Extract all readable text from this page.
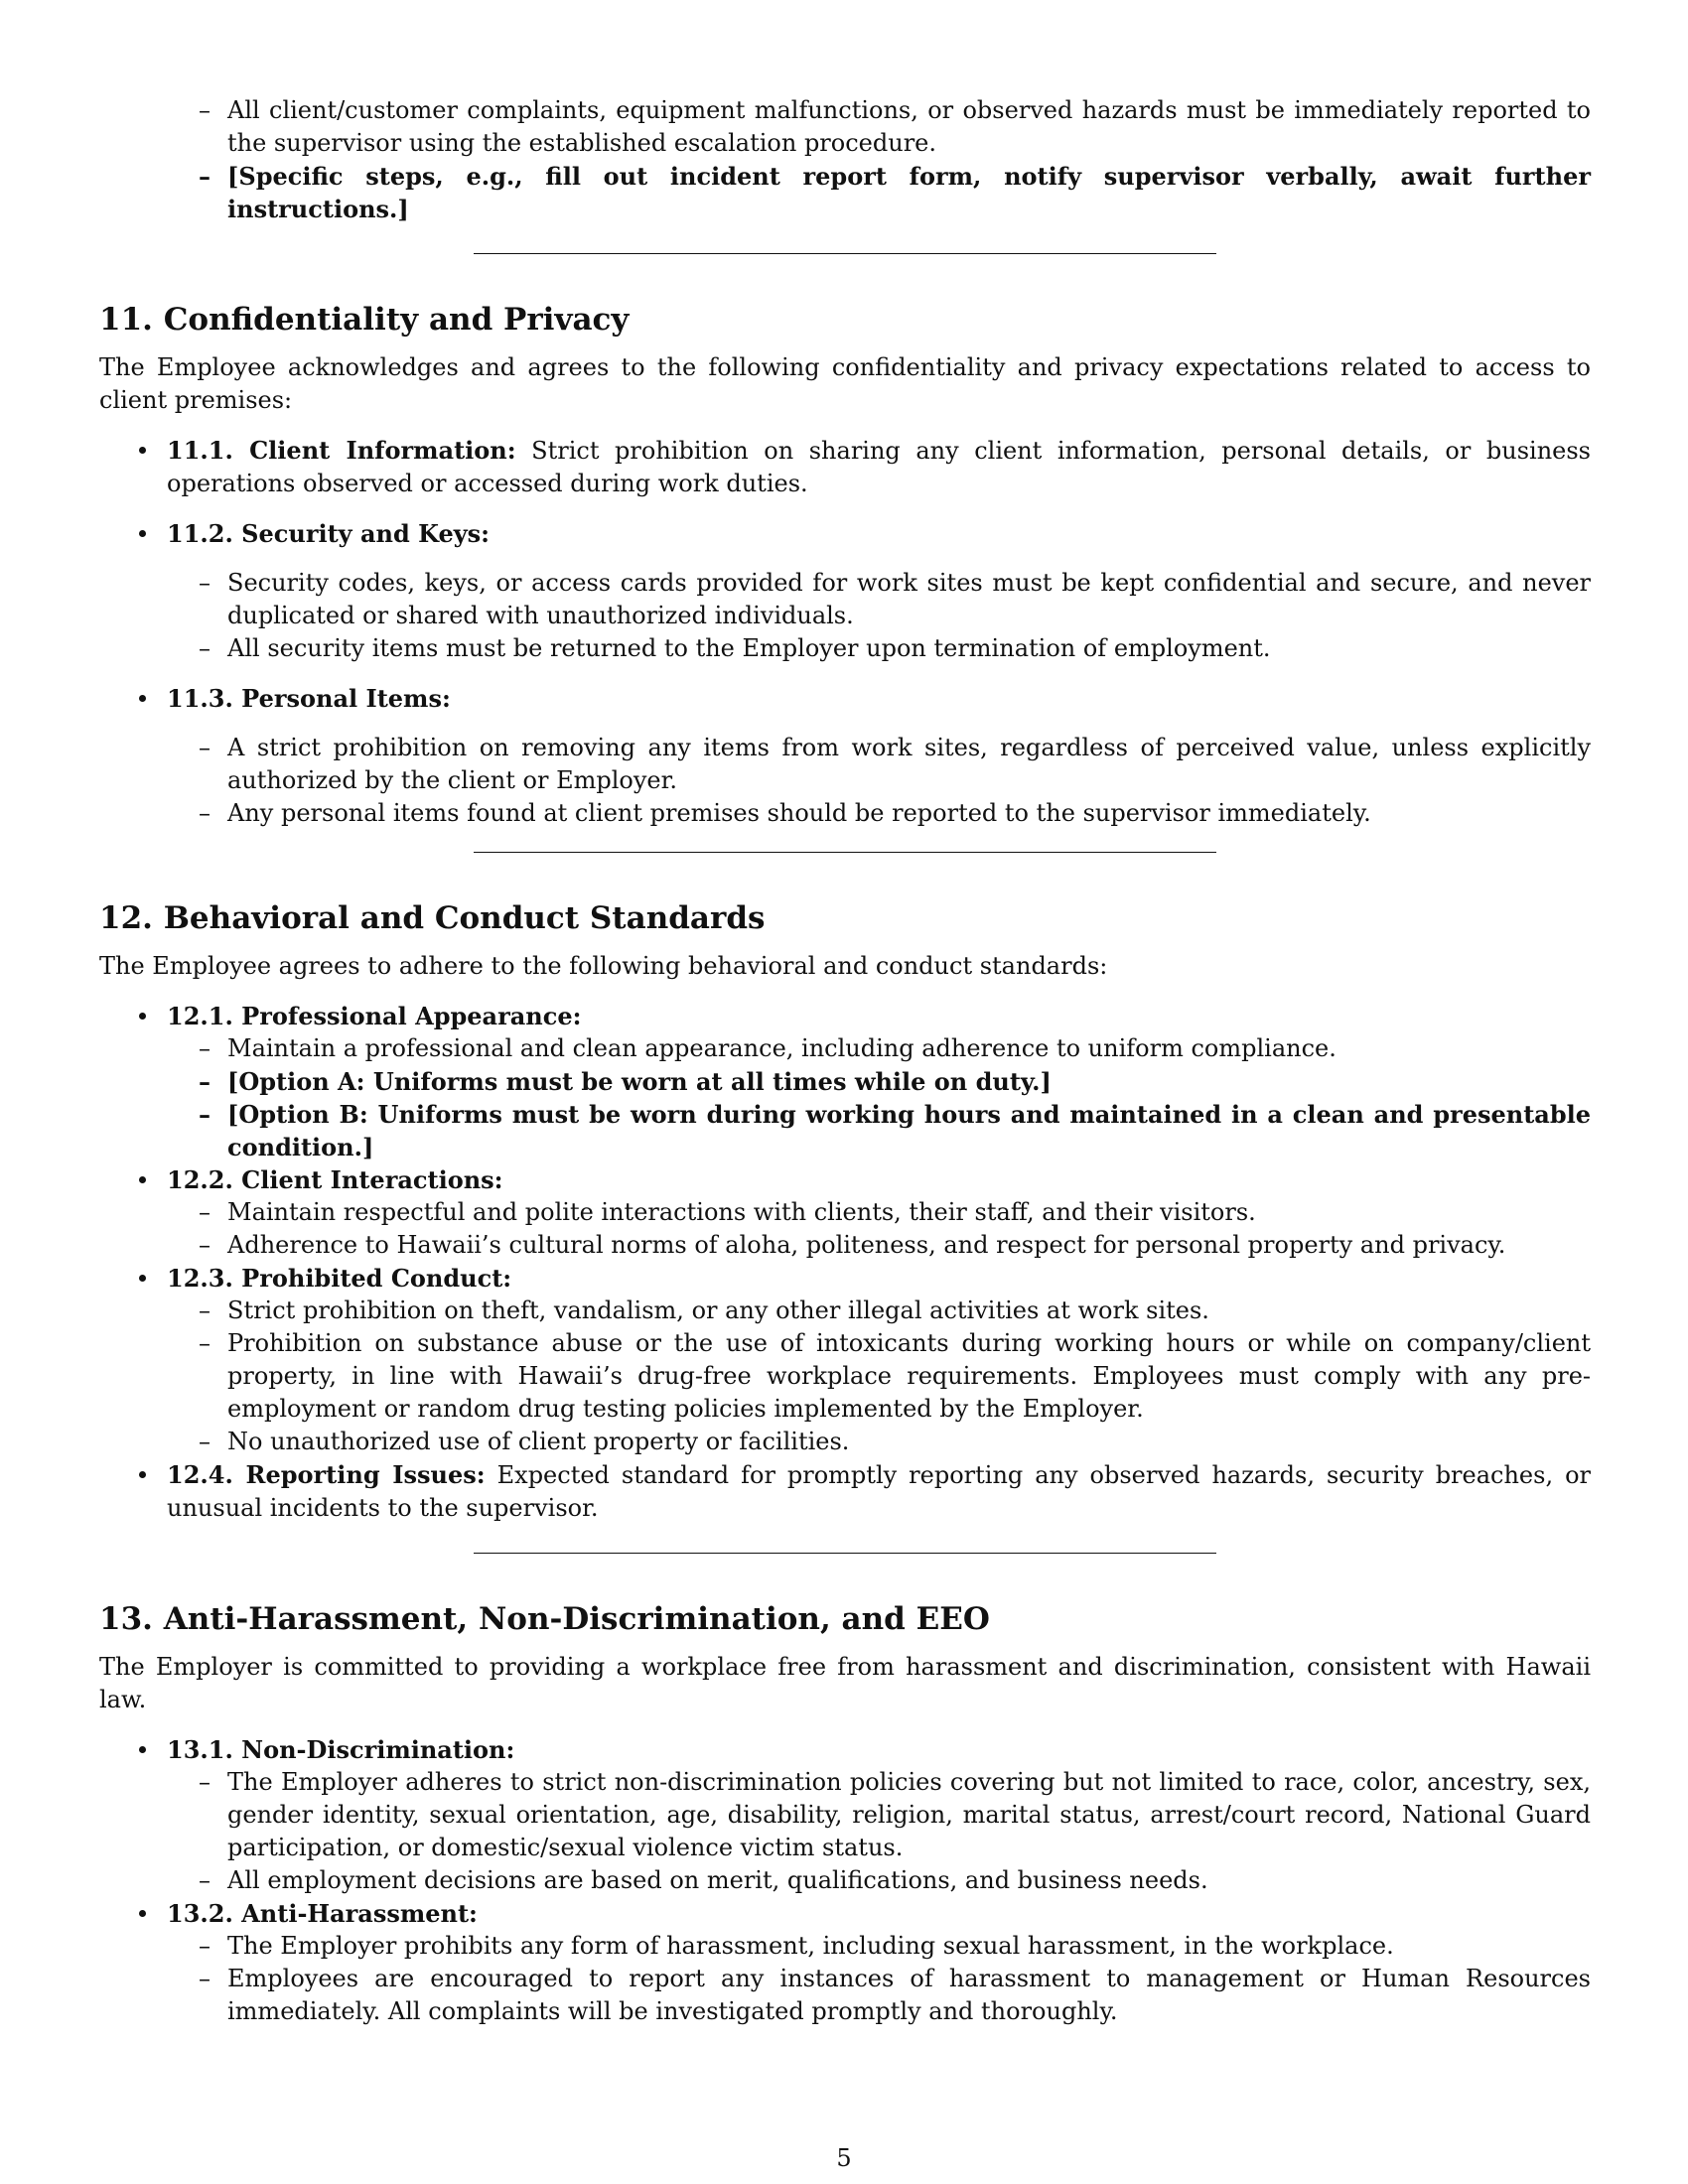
– All client/customer complaints, equipment malfunctions, or observed hazards must be immediately reported to the supervisor using the established escalation procedure.
– [Specific steps, e.g., fill out incident report form, notify supervisor verbally, await further instructions.]
11. Confidentiality and Privacy

The Employee acknowledges and agrees to the following confidentiality and privacy expectations related to access to client premises:

11.1. Client Information: Strict prohibition on sharing any client information, personal details, or business operations observed or accessed during work duties.
11.2. Security and Keys:
– Security codes, keys, or access cards provided for work sites must be kept confidential and secure, and never duplicated or shared with unauthorized individuals.
– All security items must be returned to the Employer upon termination of employment.
11.3. Personal Items:
– A strict prohibition on removing any items from work sites, regardless of perceived value, unless explicitly authorized by the client or Employer.
– Any personal items found at client premises should be reported to the supervisor immediately.
12. Behavioral and Conduct Standards

The Employee agrees to adhere to the following behavioral and conduct standards:

12.1. Professional Appearance:
– Maintain a professional and clean appearance, including adherence to uniform compliance.
– [Option A: Uniforms must be worn at all times while on duty.]
– [Option B: Uniforms must be worn during working hours and maintained in a clean and presentable condition.]
12.2. Client Interactions:
– Maintain respectful and polite interactions with clients, their staff, and their visitors.
– Adherence to Hawaii’s cultural norms of aloha, politeness, and respect for personal property and privacy.
12.3. Prohibited Conduct:
– Strict prohibition on theft, vandalism, or any other illegal activities at work sites.
– Prohibition on substance abuse or the use of intoxicants during working hours or while on company/client property, in line with Hawaii’s drug-free workplace requirements. Employees must comply with any pre-employment or random drug testing policies implemented by the Employer.
– No unauthorized use of client property or facilities.
12.4. Reporting Issues: Expected standard for promptly reporting any observed hazards, security breaches, or unusual incidents to the supervisor.
13. Anti-Harassment, Non-Discrimination, and EEO

The Employer is committed to providing a workplace free from harassment and discrimination, consistent with Hawaii law.

13.1. Non-Discrimination:
– The Employer adheres to strict non-discrimination policies covering but not limited to race, color, ancestry, sex, gender identity, sexual orientation, age, disability, religion, marital status, arrest/court record, National Guard participation, or domestic/sexual violence victim status.
– All employment decisions are based on merit, qualifications, and business needs.
13.2. Anti-Harassment:
– The Employer prohibits any form of harassment, including sexual harassment, in the workplace.
– Employees are encouraged to report any instances of harassment to management or Human Resources immediately. All complaints will be investigated promptly and thoroughly.
5
